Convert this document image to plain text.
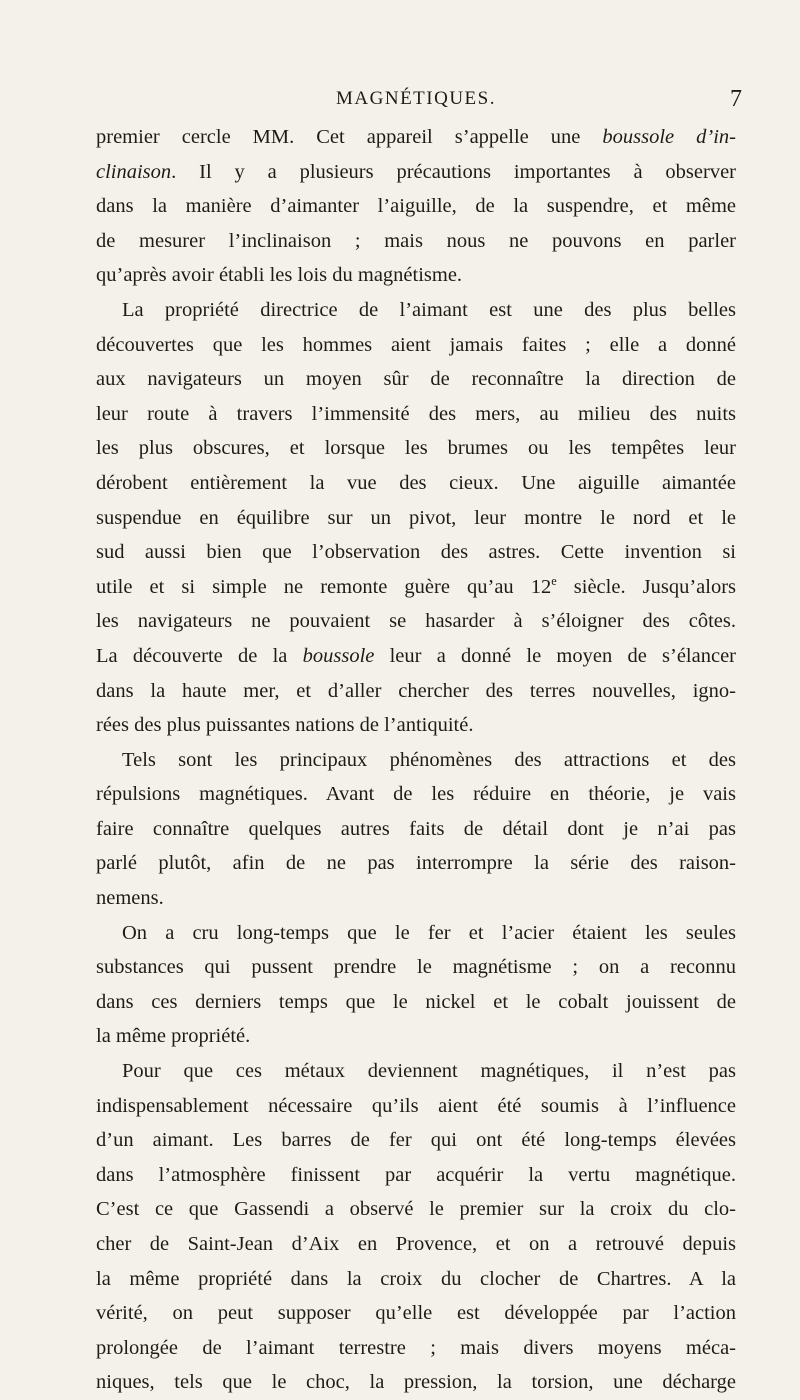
MAGNÉTIQUES.	7
premier cercle MM. Cet appareil s’appelle une boussole d’in-
clinaison. Il y a plusieurs précautions importantes à observer
dans la manière d’aimanter l’aiguille, de la suspendre, et même
de mesurer l’inclinaison ; mais nous ne pouvons en parler
qu’après avoir établi les lois du magnétisme.
La propriété directrice de l’aimant est une des plus belles
découvertes que les hommes aient jamais faites ; elle a donné
aux navigateurs un moyen sûr de reconnaître la direction de
leur route à travers l’immensité des mers, au milieu des nuits
les plus obscures, et lorsque les brumes ou les tempêtes leur
dérobent entièrement la vue des cieux. Une aiguille aimantée
suspendue en équilibre sur un pivot, leur montre le nord et le
sud aussi bien que l’observation des astres. Cette invention si
utile et si simple ne remonte guère qu’au 12e siècle. Jusqu’alors
les navigateurs ne pouvaient se hasarder à s’éloigner des côtes.
La découverte de la boussole leur a donné le moyen de s’élancer
dans la haute mer, et d’aller chercher des terres nouvelles, igno-
rées des plus puissantes nations de l’antiquité.
Tels sont les principaux phénomènes des attractions et des
répulsions magnétiques. Avant de les réduire en théorie, je vais
faire connaître quelques autres faits de détail dont je n’ai pas
parlé plutôt, afin de ne pas interrompre la série des raison-
nemens.
On a cru long-temps que le fer et l’acier étaient les seules
substances qui pussent prendre le magnétisme ; on a reconnu
dans ces derniers temps que le nickel et le cobalt jouissent de
la même propriété.
Pour que ces métaux deviennent magnétiques, il n’est pas
indispensablement nécessaire qu’ils aient été soumis à l’influence
d’un aimant. Les barres de fer qui ont été long-temps élevées
dans l’atmosphère finissent par acquérir la vertu magnétique.
C’est ce que Gassendi a observé le premier sur la croix du clo-
cher de Saint-Jean d’Aix en Provence, et on a retrouvé depuis
la même propriété dans la croix du clocher de Chartres. A la
vérité, on peut supposer qu’elle est développée par l’action
prolongée de l’aimant terrestre ; mais divers moyens méca-
niques, tels que le choc, la pression, la torsion, une décharge
